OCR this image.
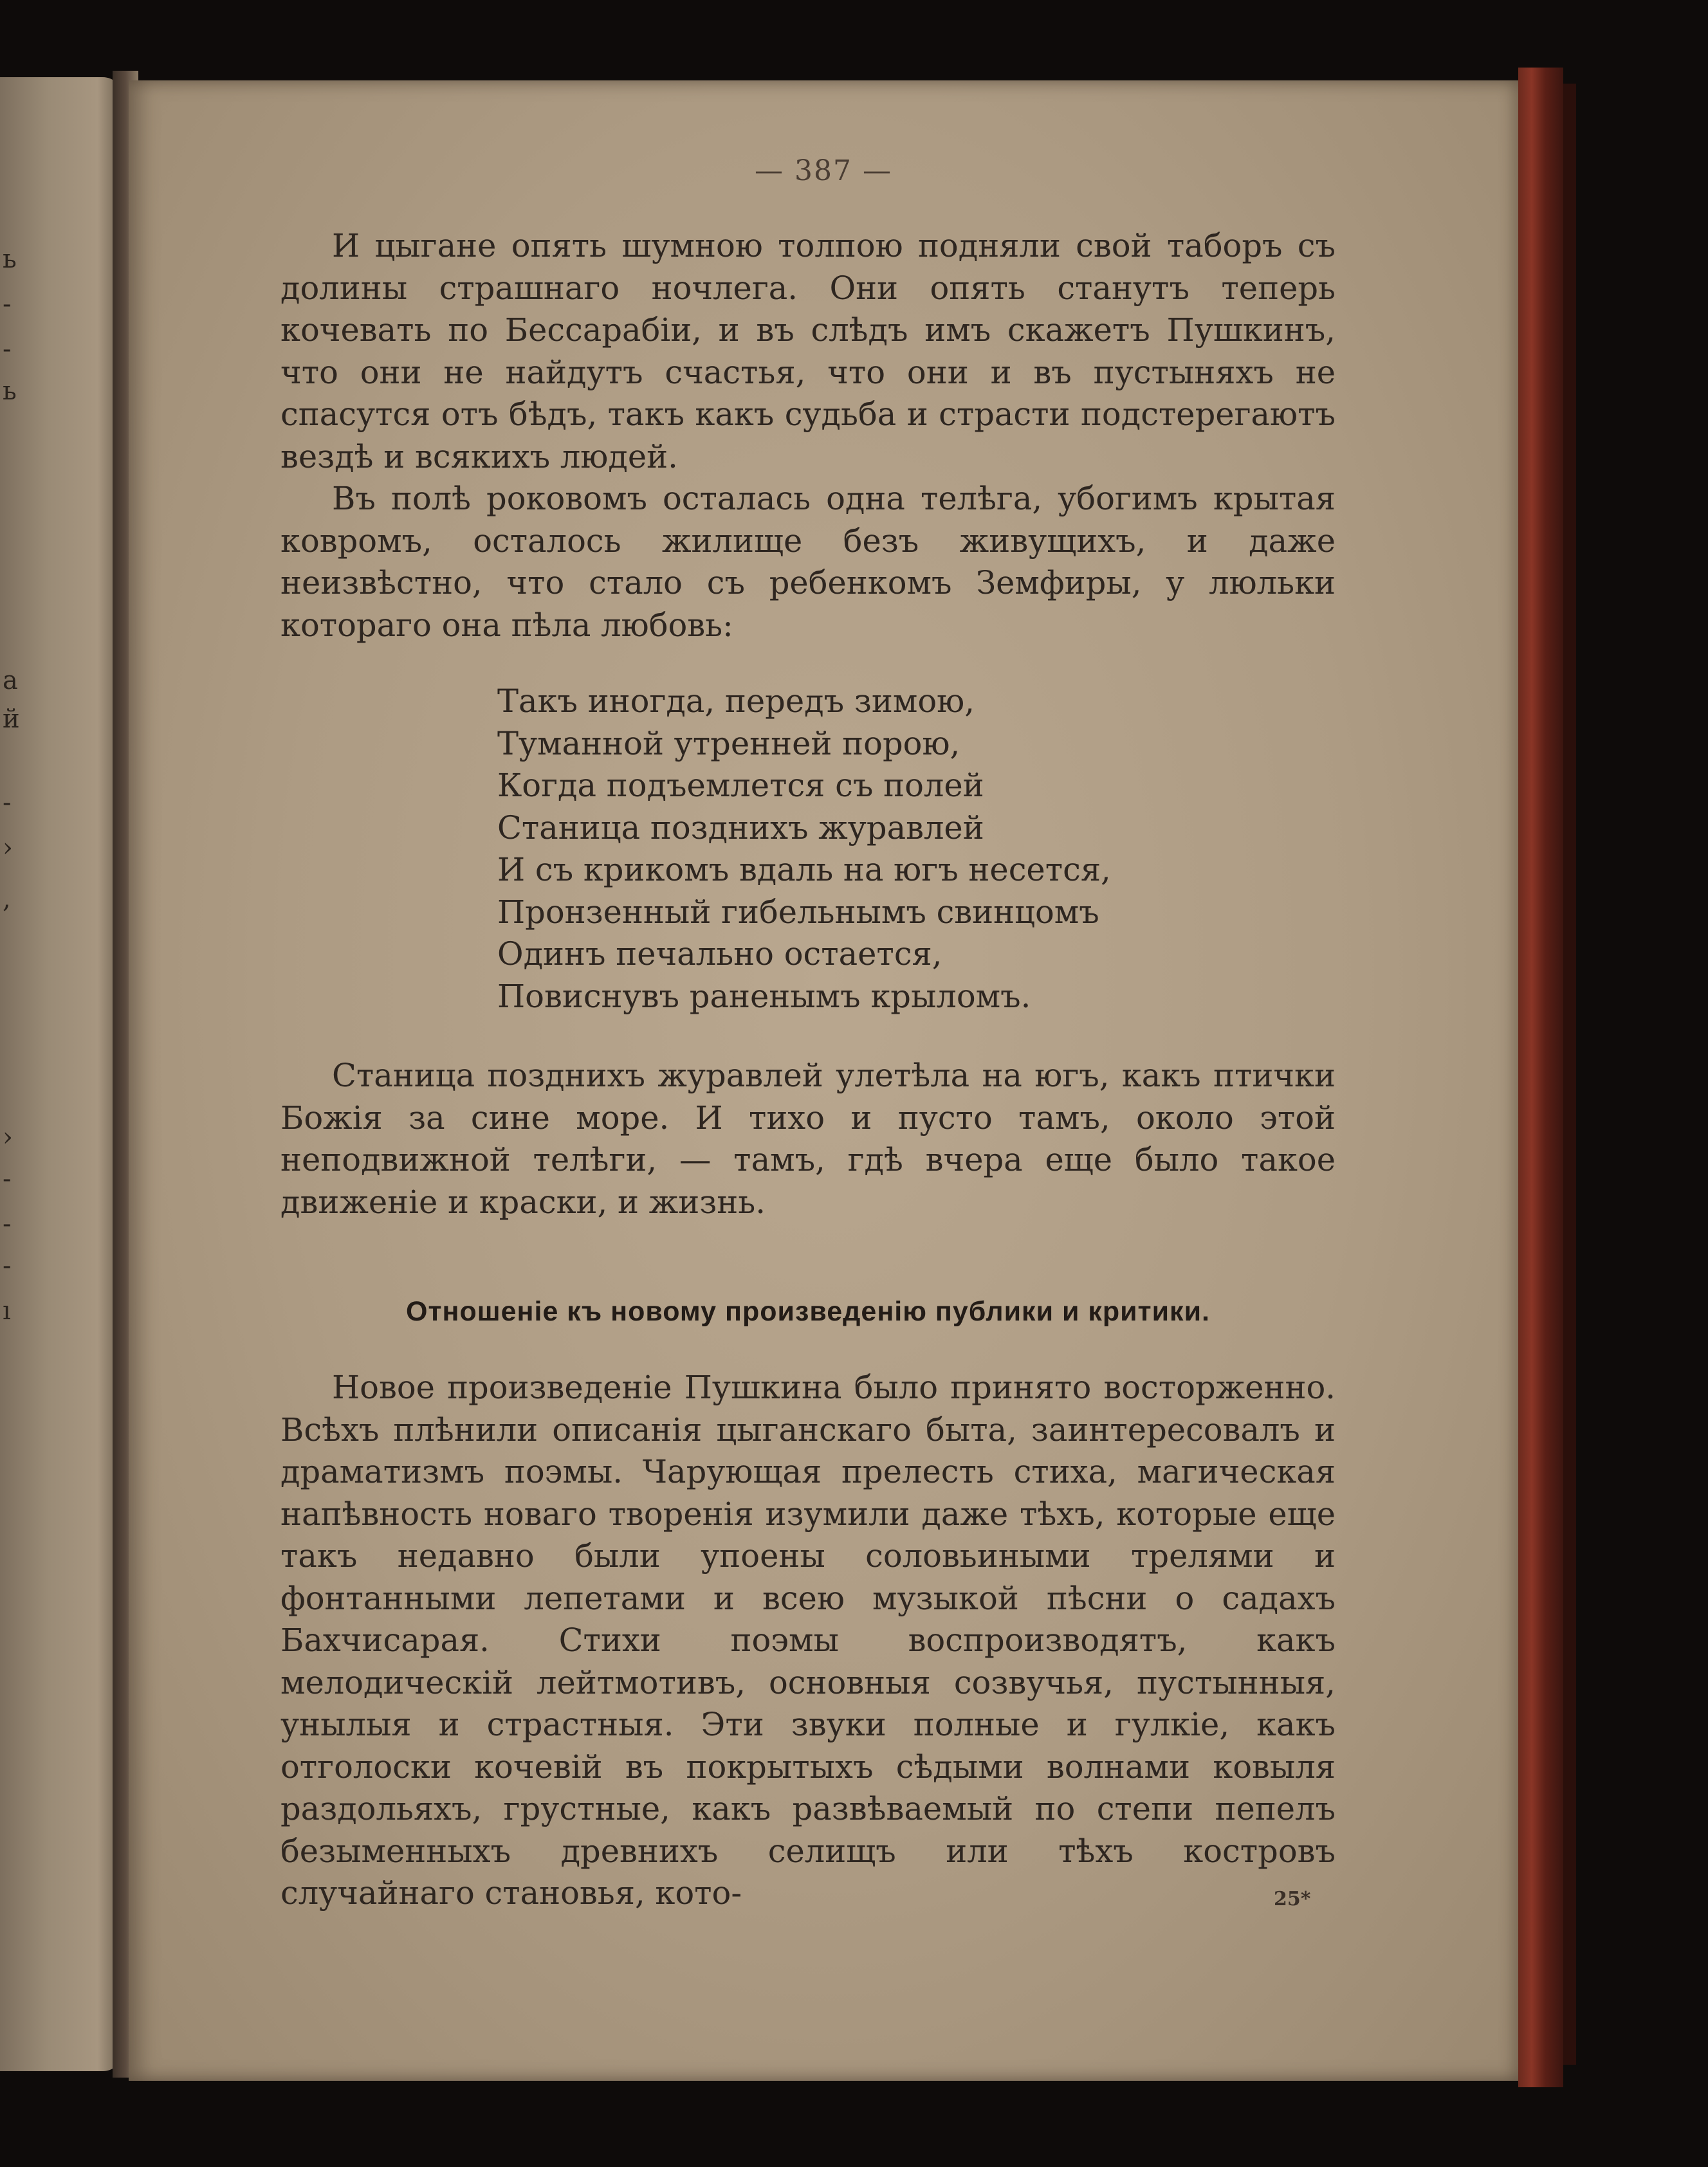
ь
-
-
ь
a
й
-
›
,
›
-
-
-
ı
— 387 —

И цыгане опять шумною толпою подняли свой таборъ съ долины страшнаго ночлега. Они опять станутъ теперь кочевать по Бессарабіи, и въ слѣдъ имъ скажетъ Пушкинъ, что они не найдутъ счастья, что они и въ пустыняхъ не спасутся отъ бѣдъ, такъ какъ судьба и страсти подстерегаютъ вездѣ и всякихъ людей.

Въ полѣ роковомъ осталась одна телѣга, убогимъ крытая ковромъ, осталось жилище безъ живущихъ, и даже неизвѣстно, что стало съ ребенкомъ Земфиры, у люльки котораго она пѣла любовь:

Такъ иногда, передъ зимою,
Туманной утренней порою,
Когда подъемлется съ полей
Станица позднихъ журавлей
И съ крикомъ вдаль на югъ несется,
Пронзенный гибельнымъ свинцомъ
Одинъ печально остается,
Повиснувъ раненымъ крыломъ.

Станица позднихъ журавлей улетѣла на югъ, какъ птички Божія за сине море. И тихо и пусто тамъ, около этой неподвижной телѣги, — тамъ, гдѣ вчера еще было такое движеніе и краски, и жизнь.

Отношеніе къ новому произведенію публики и критики.

Новое произведеніе Пушкина было принято восторженно. Всѣхъ плѣнили описанія цыганскаго быта, заинтересовалъ и драматизмъ поэмы. Чарующая прелесть стиха, магическая напѣвность новаго творенія изумили даже тѣхъ, которые еще такъ недавно были упоены соловьиными трелями и фонтанными лепетами и всею музыкой пѣсни о садахъ Бахчисарая. Стихи поэмы воспроизводятъ, какъ мелодическій лейтмотивъ, основныя созвучья, пустынныя, унылыя и страстныя. Эти звуки полные и гулкіе, какъ отголоски кочевій въ покрытыхъ сѣдыми волнами ковыля раздольяхъ, грустные, какъ развѣваемый по степи пепелъ безыменныхъ древнихъ селищъ или тѣхъ костровъ случайнаго становья, кото-	25*
